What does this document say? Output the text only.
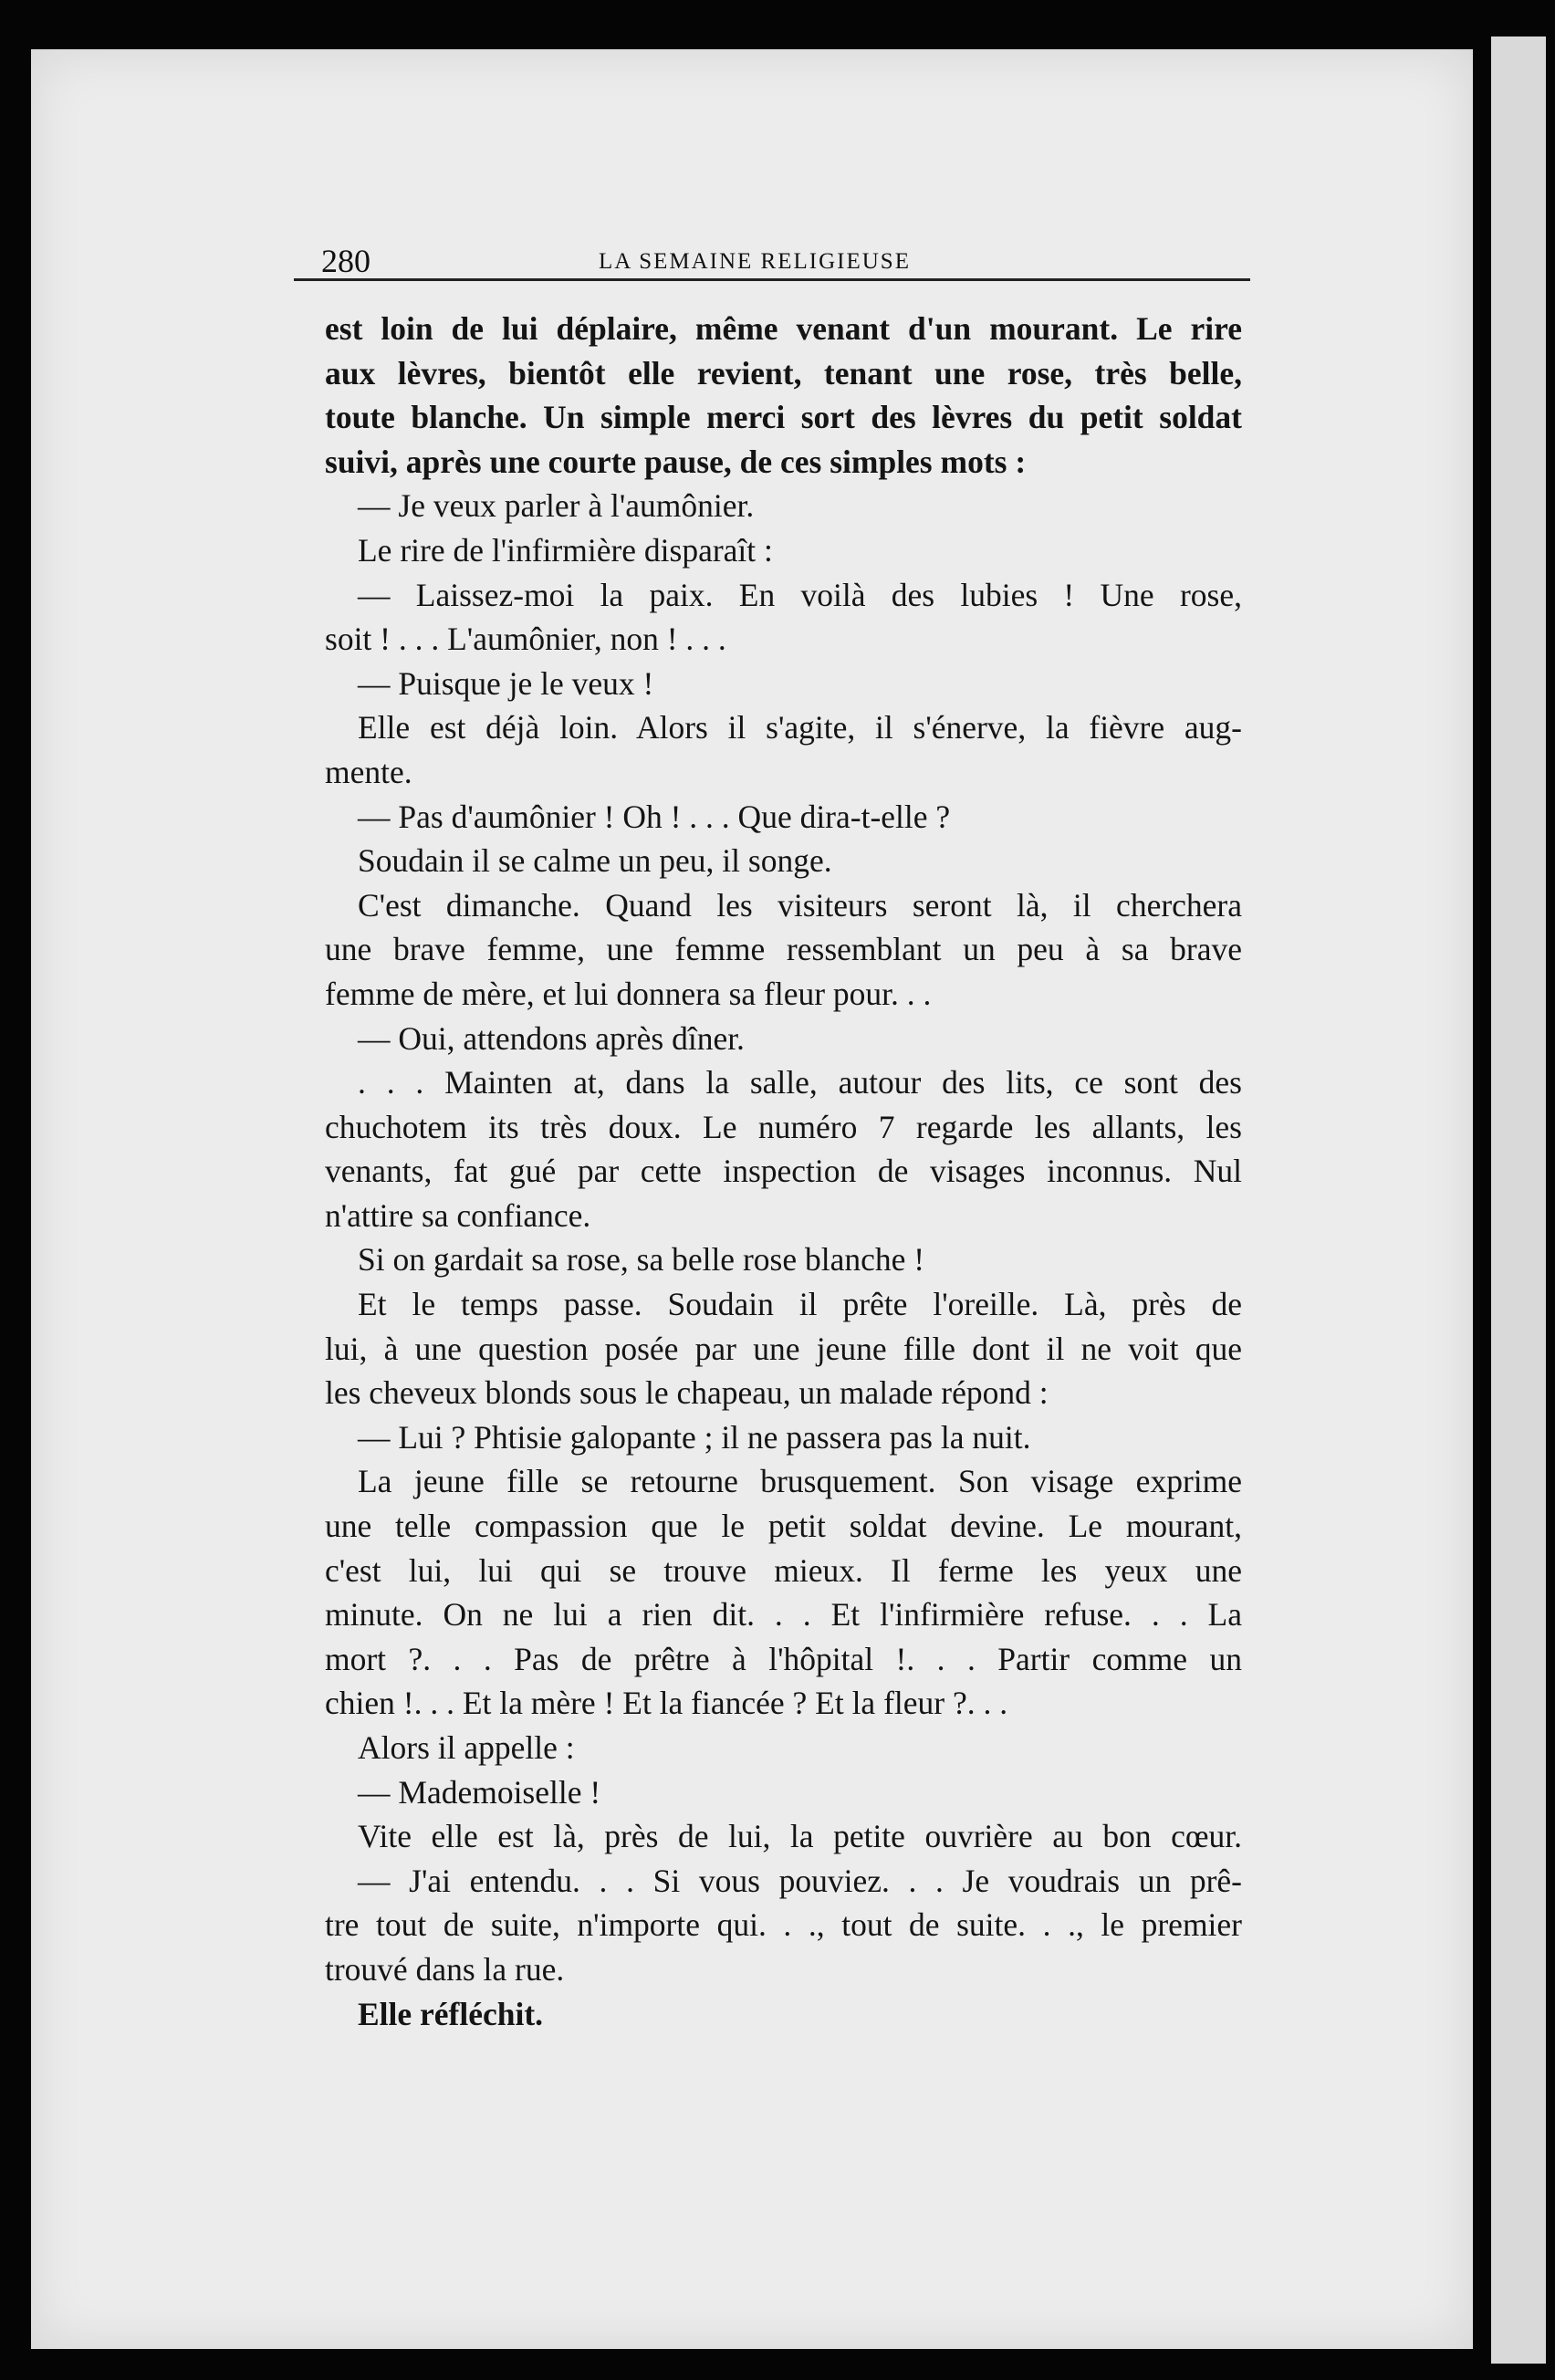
280	LA SEMAINE RELIGIEUSE
est loin de lui déplaire, même venant d'un mourant. Le rire
aux lèvres, bientôt elle revient, tenant une rose, très belle,
toute blanche. Un simple merci sort des lèvres du petit soldat
suivi, après une courte pause, de ces simples mots :
— Je veux parler à l'aumônier.
Le rire de l'infirmière disparaît :
— Laissez-moi la paix. En voilà des lubies ! Une rose,
soit ! . . . L'aumônier, non ! . . .
— Puisque je le veux !
Elle est déjà loin. Alors il s'agite, il s'énerve, la fièvre aug-
mente.
— Pas d'aumônier ! Oh ! . . . Que dira-t-elle ?
Soudain il se calme un peu, il songe.
C'est dimanche. Quand les visiteurs seront là, il cherchera
une brave femme, une femme ressemblant un peu à sa brave
femme de mère, et lui donnera sa fleur pour. . .
— Oui, attendons après dîner.
. . . Mainten at, dans la salle, autour des lits, ce sont des
chuchotem its très doux. Le numéro 7 regarde les allants, les
venants, fat gué par cette inspection de visages inconnus. Nul
n'attire sa confiance.
Si on gardait sa rose, sa belle rose blanche !
Et le temps passe. Soudain il prête l'oreille. Là, près de
lui, à une question posée par une jeune fille dont il ne voit que
les cheveux blonds sous le chapeau, un malade répond :
— Lui ? Phtisie galopante ; il ne passera pas la nuit.
La jeune fille se retourne brusquement. Son visage exprime
une telle compassion que le petit soldat devine. Le mourant,
c'est lui, lui qui se trouve mieux. Il ferme les yeux une
minute. On ne lui a rien dit. . . Et l'infirmière refuse. . . La
mort ?. . . Pas de prêtre à l'hôpital !. . . Partir comme un
chien !. . . Et la mère ! Et la fiancée ? Et la fleur ?. . .
Alors il appelle :
— Mademoiselle !
Vite elle est là, près de lui, la petite ouvrière au bon cœur.
— J'ai entendu. . . Si vous pouviez. . . Je voudrais un prê-
tre tout de suite, n'importe qui. . ., tout de suite. . ., le premier
trouvé dans la rue.
Elle réfléchit.
